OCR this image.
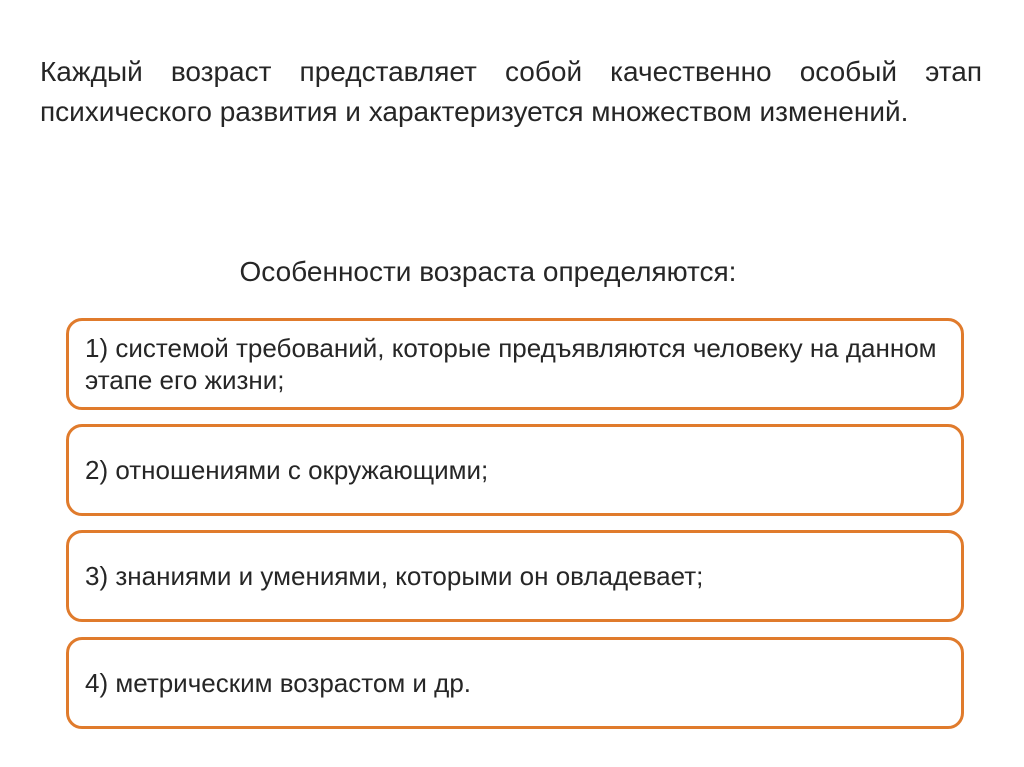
Каждый возраст представляет собой качественно особый этап психического развития и характеризуется множеством изменений.

Особенности возраста определяются:

1) системой требований, которые предъявляются человеку на данном этапе его жизни;
2) отношениями с окружающими;
3) знаниями и умениями, которыми он овладевает;
4) метрическим возрастом и др.
